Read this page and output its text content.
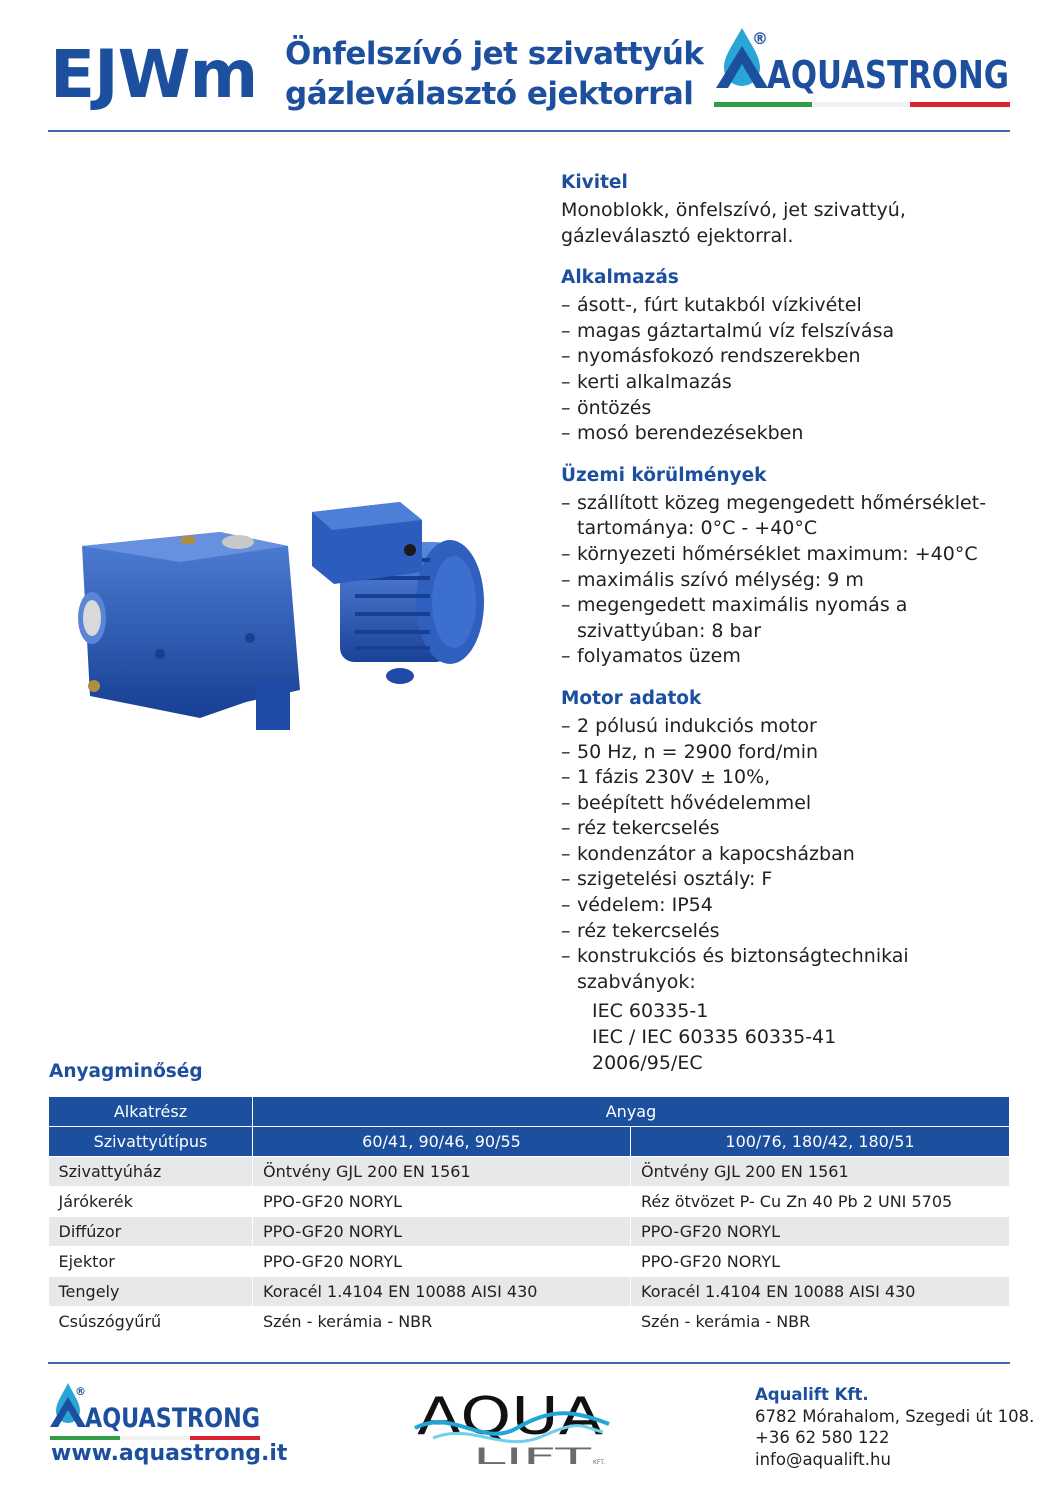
EJWm Önfelszívó jet szivattyúk
gázleválasztó ejektorral
®
AQUASTRONG
Kivitel

Monoblokk, önfelszívó, jet szivattyú,

gázleválasztó ejektorral.

Alkalmazás
– ásott-, fúrt kutakból vízkivétel
– magas gáztartalmú víz felszívása
– nyomásfokozó rendszerekben
– kerti alkalmazás
– öntözés
– mosó berendezésekben
Üzemi körülmények
– szállított közeg megengedett hőmérséklet-
tartománya: 0°C - +40°C
– környezeti hőmérséklet maximum: +40°C
– maximális szívó mélység: 9 m
– megengedett maximális nyomás a
szivattyúban: 8 bar
– folyamatos üzem
Motor adatok
– 2 pólusú indukciós motor
– 50 Hz, n = 2900 ford/min
– 1 fázis 230V ± 10%,
– beépített hővédelemmel
– réz tekercselés
– kondenzátor a kapocsházban
– szigetelési osztály: F
– védelem: IP54
– réz tekercselés
– konstrukciós és biztonságtechnikai szabványok:

IEC 60335-1

IEC / IEC 60335 60335-41

2006/95/EC

Anyagminőség
Alkatrész	Anyag	
Szivattyútípus	60/41, 90/46, 90/55	100/76, 180/42, 180/51
Szivattyúház	Öntvény GJL 200 EN 1561	Öntvény GJL 200 EN 1561
Járókerék	PPO-GF20 NORYL	Réz ötvözet P- Cu Zn 40 Pb 2 UNI 5705
Diffúzor	PPO-GF20 NORYL	PPO-GF20 NORYL
Ejektor	PPO-GF20 NORYL	PPO-GF20 NORYL
Tengely	Koracél 1.4104 EN 10088 AISI 430	Koracél 1.4104 EN 10088 AISI 430
Csúszógyűrű	Szén - kerámia - NBR	Szén - kerámia - NBR
®
AQUASTRONG
www.aquastrong.it
AQUA
LIFT KFT.
Aqualift Kft.
6782 Mórahalom, Szegedi út 108.
+36 62 580 122
info@aqualift.hu
